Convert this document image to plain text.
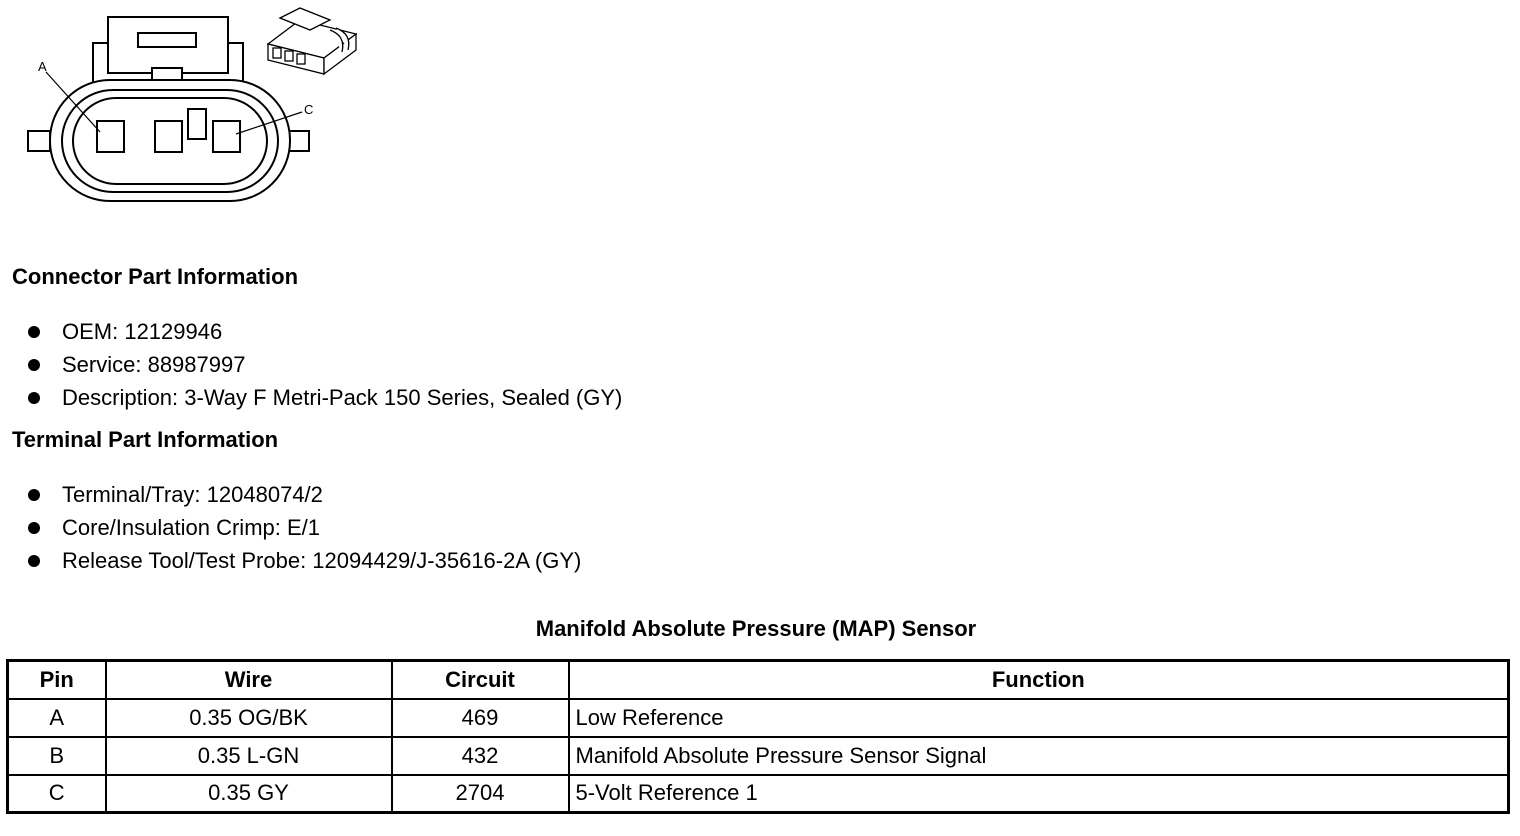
A
C
Connector Part Information
OEM: 12129946
Service: 88987997
Description: 3-Way F Metri-Pack 150 Series, Sealed (GY)
Terminal Part Information
Terminal/Tray: 12048074/2
Core/Insulation Crimp: E/1
Release Tool/Test Probe: 12094429/J-35616-2A (GY)
Manifold Absolute Pressure (MAP) Sensor
Pin	Wire	Circuit	Function
A	0.35 OG/BK	469	Low Reference
B	0.35 L-GN	432	Manifold Absolute Pressure Sensor Signal
C	0.35 GY	2704	5-Volt Reference 1
